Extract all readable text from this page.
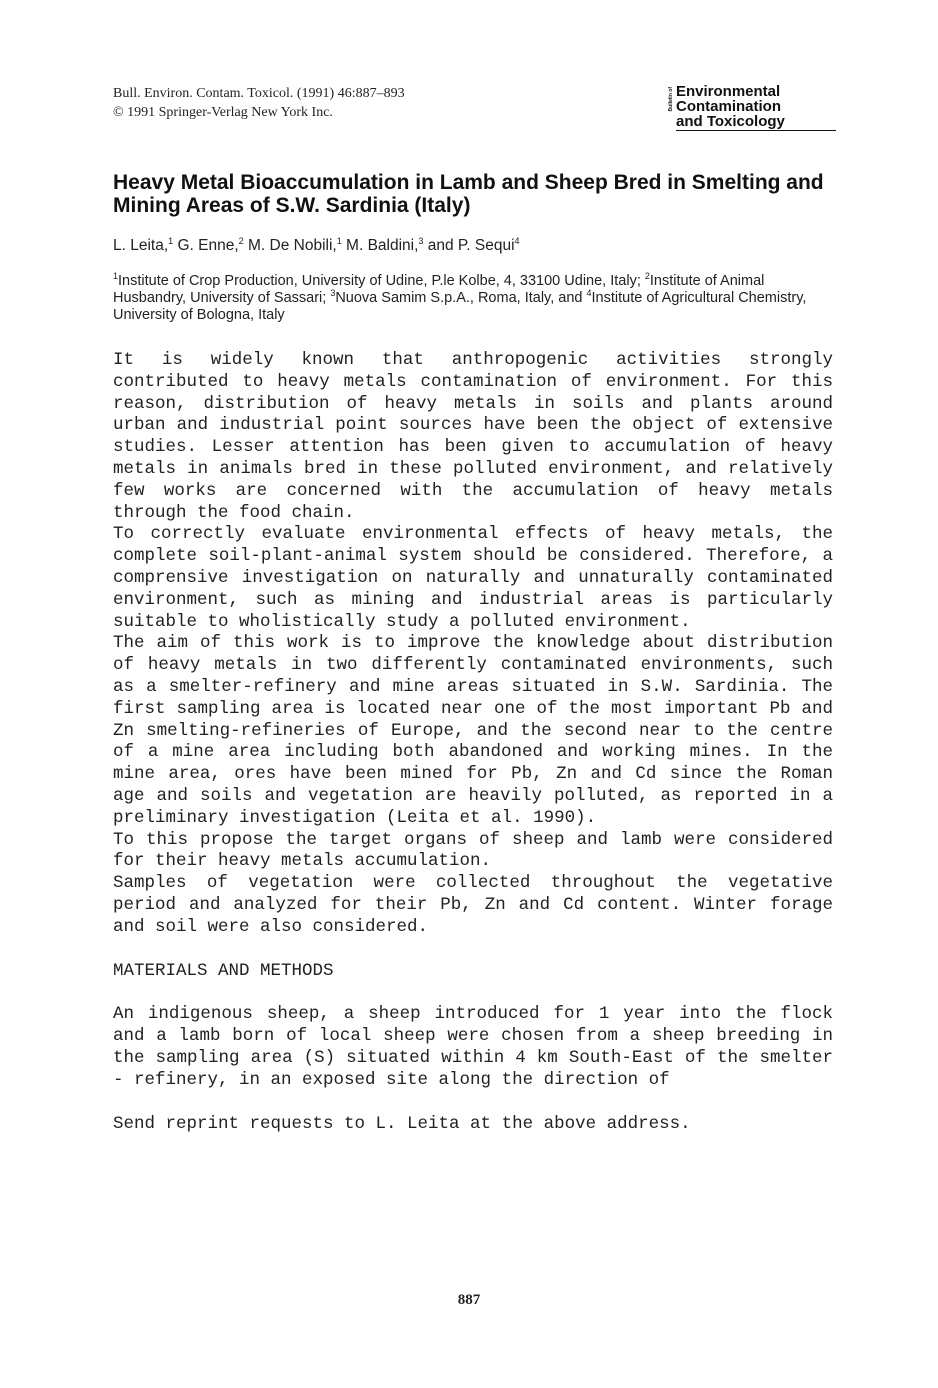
Bull. Environ. Contam. Toxicol. (1991) 46:887–893
© 1991 Springer-Verlag New York Inc.
Bulletin of Environmental
Contamination
and Toxicology
Heavy Metal Bioaccumulation in Lamb and Sheep Bred in Smelting and Mining Areas of S.W. Sardinia (Italy)
L. Leita,$^1$ G. Enne,$^2$ M. De Nobili,$^1$ M. Baldini,$^3$ and P. Sequi$^4$
$^1$Institute of Crop Production, University of Udine, P.le Kolbe, 4, 33100 Udine, Italy; $^2$Institute of Animal Husbandry, University of Sassari; $^3$Nuova Samim S.p.A., Roma, Italy, and $^4$Institute of Agricultural Chemistry, University of Bologna, Italy

It is widely known that anthropogenic activities strongly contributed to heavy metals contamination of environment. For this reason, distribution of heavy metals in soils and plants around urban and industrial point sources have been the object of extensive studies. Lesser attention has been given to accumulation of heavy metals in animals bred in these polluted environment, and relatively few works are concerned with the accumulation of heavy metals through the food chain.

To correctly evaluate environmental effects of heavy metals, the complete soil-plant-animal system should be considered. Therefore, a comprensive investigation on naturally and unnaturally contaminated environment, such as mining and industrial areas is particularly suitable to wholistically study a polluted environment.

The aim of this work is to improve the knowledge about distribution of heavy metals in two differently contaminated environments, such as a smelter-refinery and mine areas situated in S.W. Sardinia. The first sampling area is located near one of the most important Pb and Zn smelting-refineries of Europe, and the second near to the centre of a mine area including both abandoned and working mines. In the mine area, ores have been mined for Pb, Zn and Cd since the Roman age and soils and vegetation are heavily polluted, as reported in a preliminary investigation (Leita et al. 1990).

To this propose the target organs of sheep and lamb were considered for their heavy metals accumulation.

Samples of vegetation were collected throughout the vegetative period and analyzed for their Pb, Zn and Cd content. Winter forage and soil were also considered.

MATERIALS AND METHODS

An indigenous sheep, a sheep introduced for 1 year into the flock and a lamb born of local sheep were chosen from a sheep breeding in the sampling area (S) situated within 4 km South-East of the smelter - refinery, in an exposed site along the direction of

Send reprint requests to L. Leita at the above address.

887
